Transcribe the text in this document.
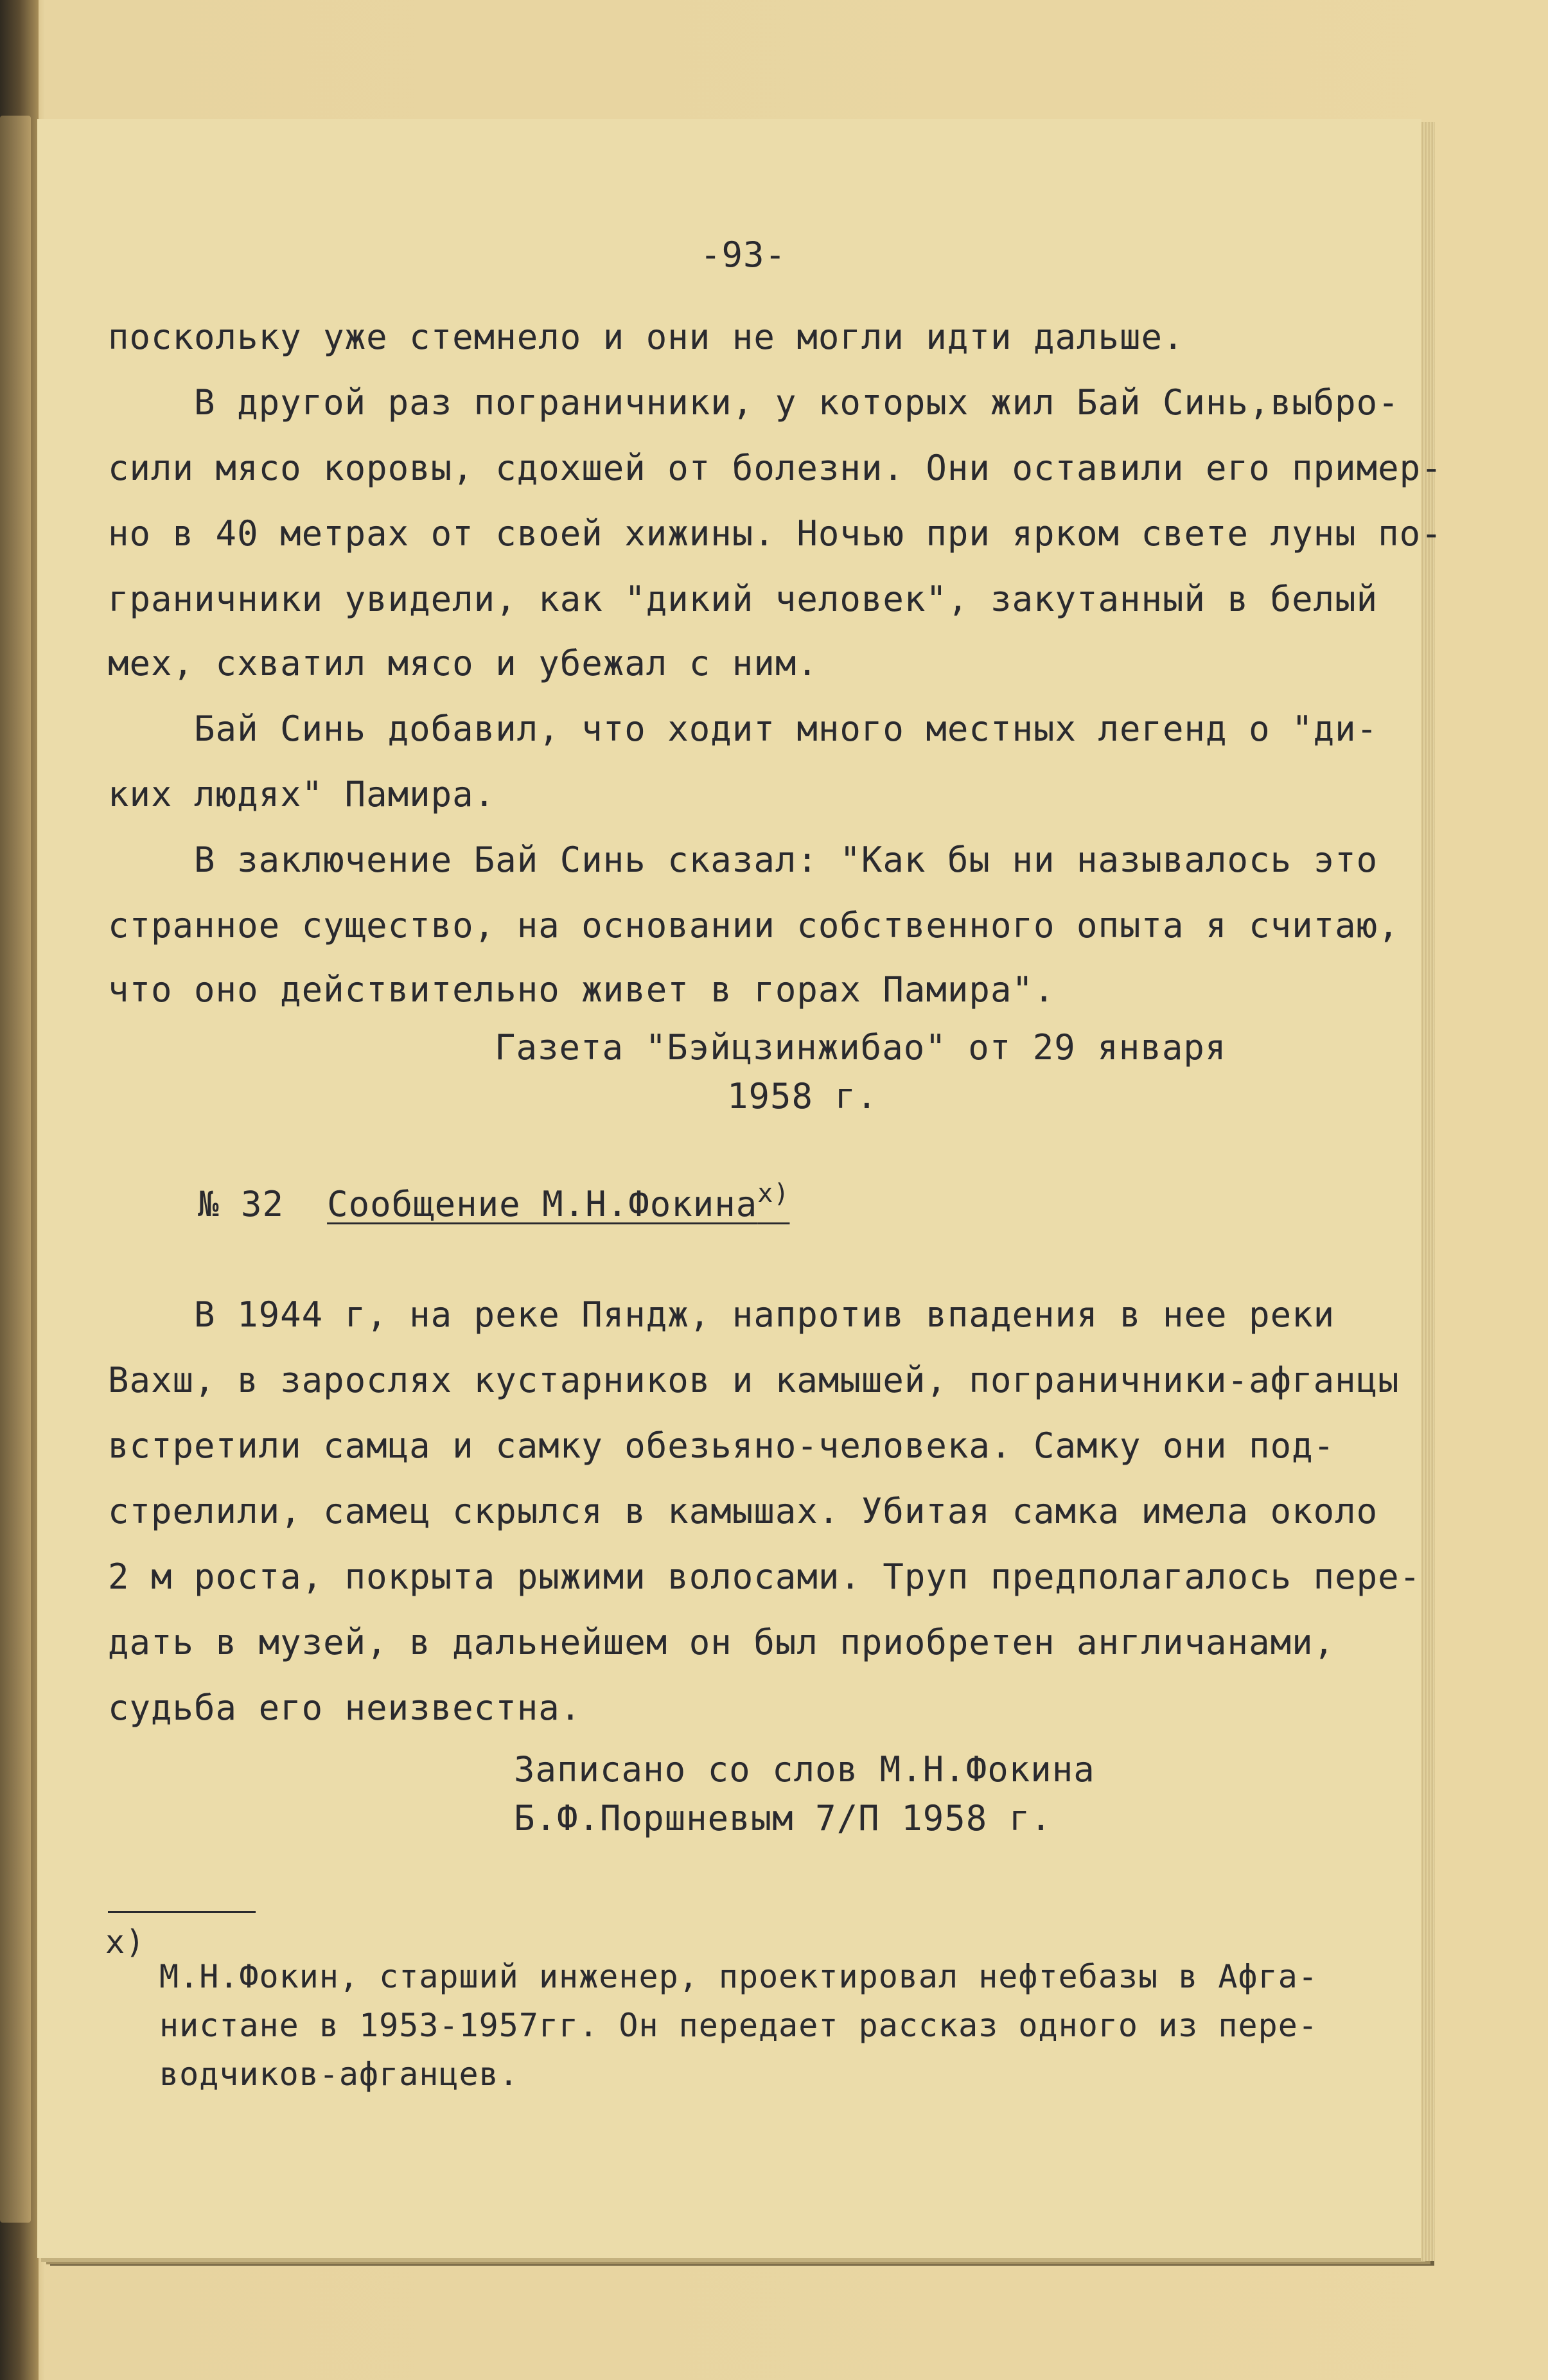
-93-
поскольку уже стемнело и они не могли идти дальше.
В другой раз пограничники, у которых жил Бай Синь,выбро-
сили мясо коровы, сдохшей от болезни. Они оставили его пример-
но в 40 метрах от своей хижины. Ночью при ярком свете луны по-
граничники увидели, как "дикий человек", закутанный в белый
мех, схватил мясо и убежал с ним.
Бай Синь добавил, что ходит много местных легенд о "ди-
ких людях" Памира.
В заключение Бай Синь сказал: "Как бы ни называлось это
странное существо, на основании собственного опыта я считаю,
что оно действительно живет в горах Памира".
Газета "Бэйцзинжибао" от 29 января
1958 г.
№ 32 Сообщение М.Н.Фокина$^{x)}$
В 1944 г, на реке Пяндж, напротив впадения в нее реки
Вахш, в зарослях кустарников и камышей, пограничники-афганцы
встретили самца и самку обезьяно-человека. Самку они под-
стрелили, самец скрылся в камышах. Убитая самка имела около
2 м роста, покрыта рыжими волосами. Труп предполагалось пере-
дать в музей, в дальнейшем он был приобретен англичанами,
судьба его неизвестна.
Записано со слов М.Н.Фокина
Б.Ф.Поршневым 7/П 1958 г.
x)
М.Н.Фокин, старший инженер, проектировал нефтебазы в Афга-
нистане в 1953-1957гг. Он передает рассказ одного из пере-
водчиков-афганцев.
